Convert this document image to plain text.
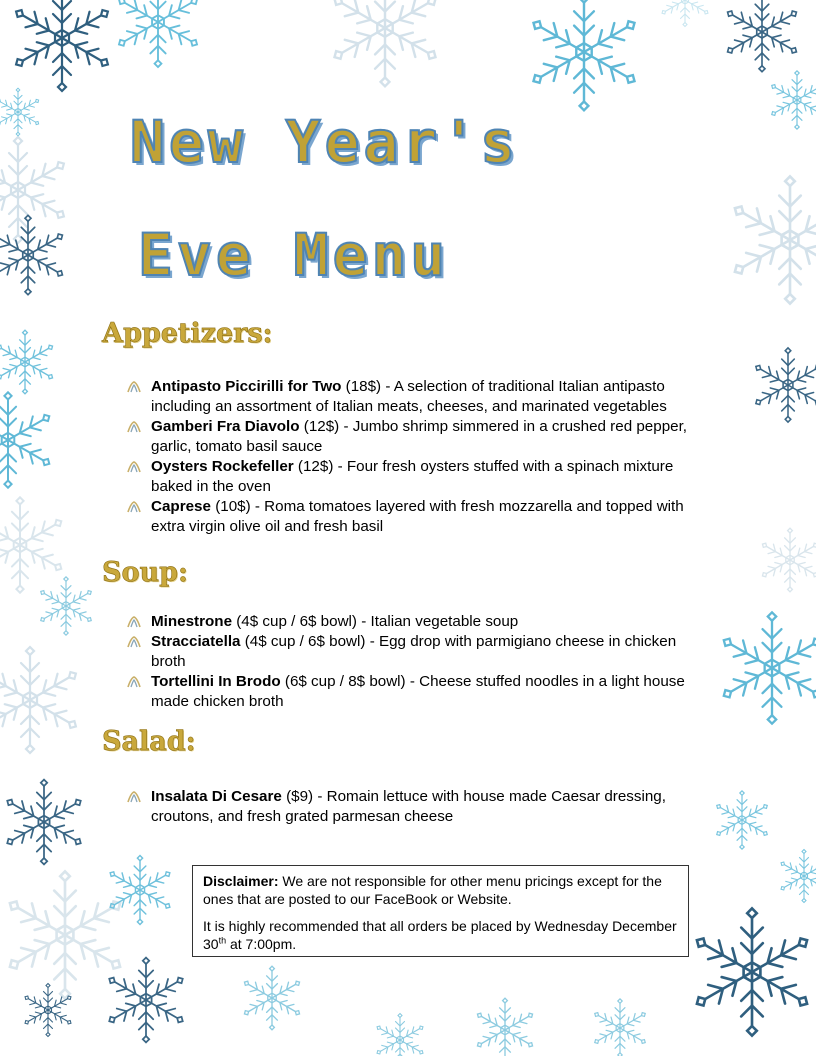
New Year's
Eve Menu
Appetizers:
Antipasto Piccirilli for Two (18$) - A selection of traditional Italian antipasto including an assortment of Italian meats, cheeses, and marinated vegetables
Gamberi Fra Diavolo (12$) - Jumbo shrimp simmered in a crushed red pepper, garlic, tomato basil sauce
Oysters Rockefeller (12$) - Four fresh oysters stuffed with a spinach mixture baked in the oven
Caprese (10$) - Roma tomatoes layered with fresh mozzarella and topped with extra virgin olive oil and fresh basil
Soup:
Minestrone (4$ cup / 6$ bowl) - Italian vegetable soup
Stracciatella (4$ cup / 6$ bowl) - Egg drop with parmigiano cheese in chicken broth
Tortellini In Brodo (6$ cup / 8$ bowl) - Cheese stuffed noodles in a light house made chicken broth
Salad:
Insalata Di Cesare ($9) - Romain lettuce with house made Caesar dressing, croutons, and fresh grated parmesan cheese

Disclaimer: We are not responsible for other menu pricings except for the ones that are posted to our FaceBook or Website.

It is highly recommended that all orders be placed by Wednesday December 30th at 7:00pm.
